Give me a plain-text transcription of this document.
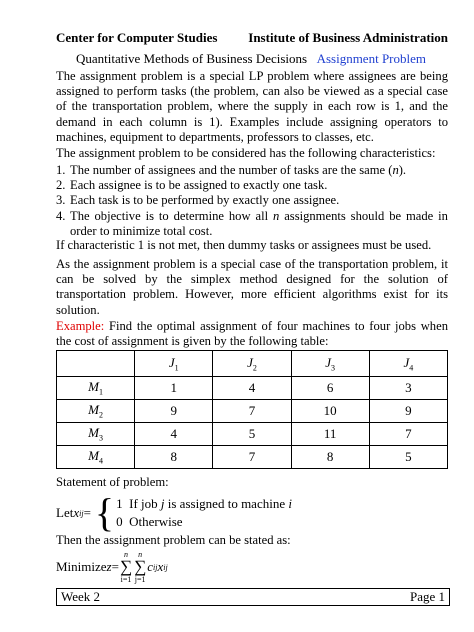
Center for Computer Studies Institute of Business Administration
Quantitative Methods of Business Decisions Assignment Problem

The assignment problem is a special LP problem where assignees are being assigned to perform tasks (the problem, can also be viewed as a special case of the transportation problem, where the supply in each row is 1, and the demand in each column is 1). Examples include assigning operators to machines, equipment to departments, professors to classes, etc.

The assignment problem to be considered has the following characteristics:

1. The number of assignees and the number of tasks are the same (n).
2. Each assignee is to be assigned to exactly one task.
3. Each task is to be performed by exactly one assignee.
4. The objective is to determine how all n assignments should be made in order to minimize total cost.

If characteristic 1 is not met, then dummy tasks or assignees must be used.

As the assignment problem is a special case of the transportation problem, it can be solved by the simplex method designed for the solution of transportation problem. However, more efficient algorithms exist for its solution.

Example: Find the optimal assignment of four machines to four jobs when the cost of assignment is given by the following table:

	$J_1$	$J_2$	$J_3$	$J_4$
$M_1$	1	4	6	3
$M_2$	9	7	10	9
$M_3$	4	5	11	7
$M_4$	8	7	8	5

Statement of problem:

Let x ij = { 1 If job j is assigned to machine i
0 Otherwise

Then the assignment problem can be stated as:

Minimize z =
n
∑
i=1
n
∑
j=1
c ij x ij
Week 2	Page 1
